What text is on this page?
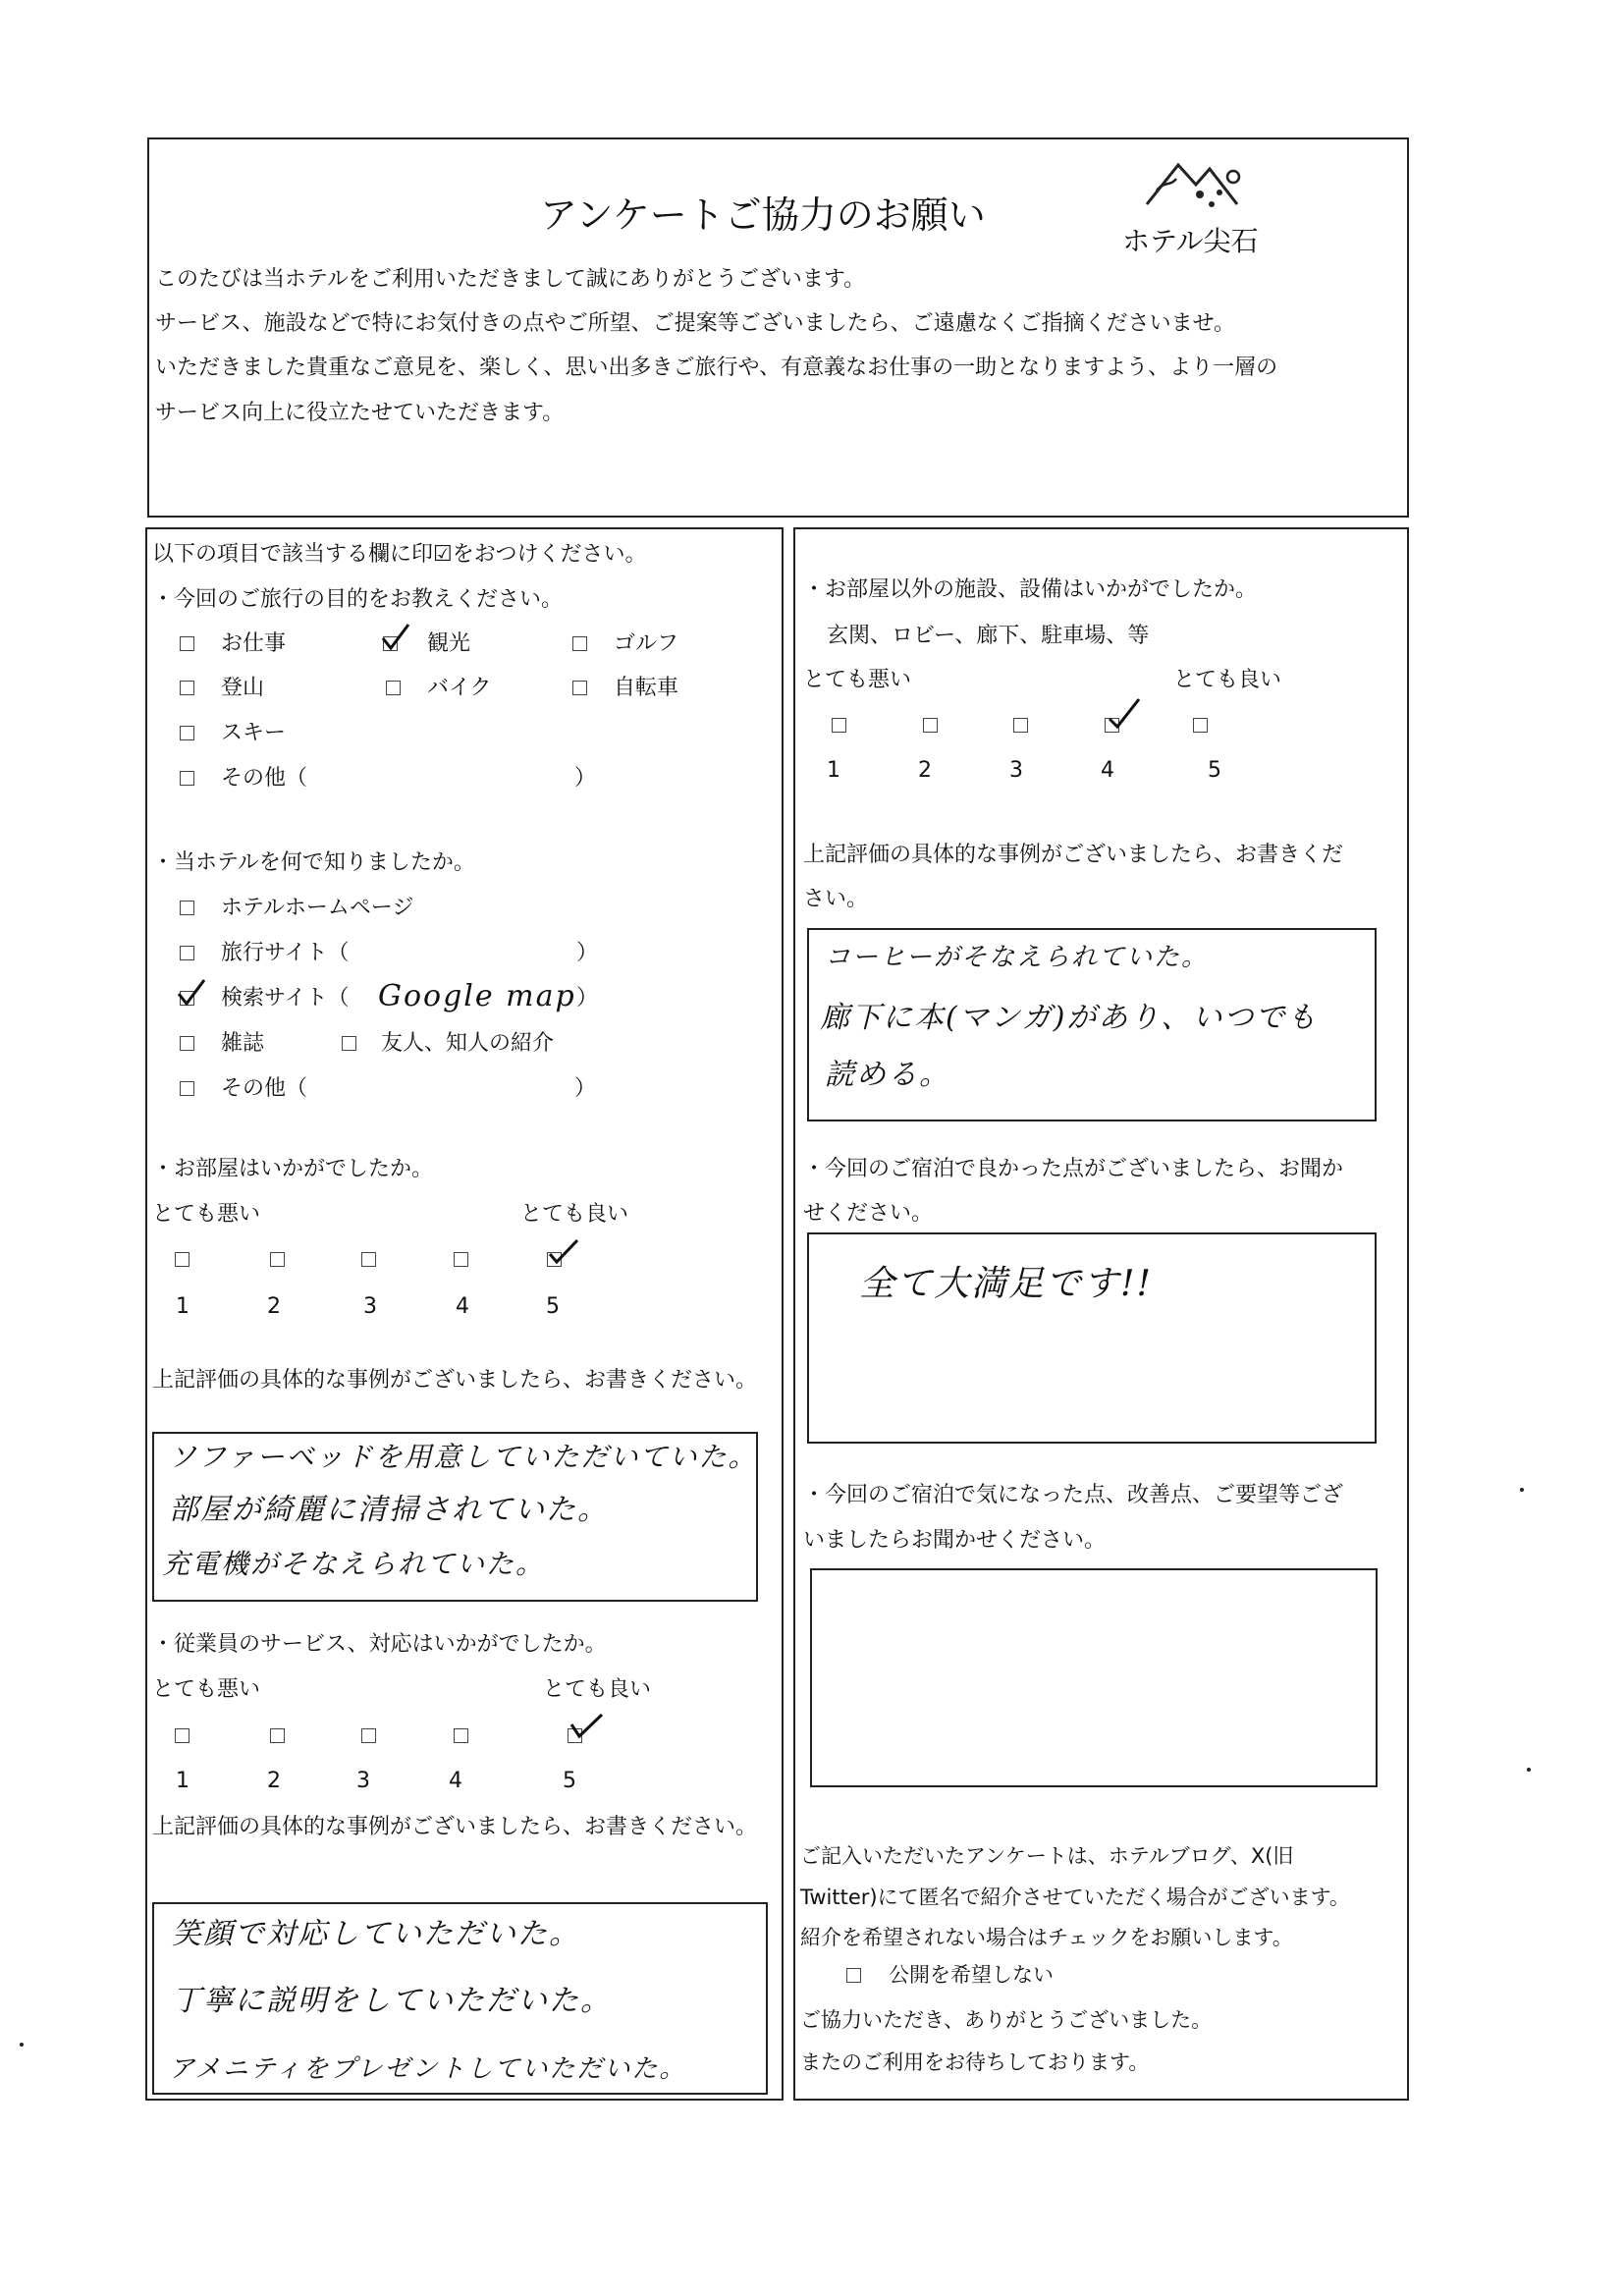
アンケートご協力のお願い
ホテル尖石
このたびは当ホテルをご利用いただきまして誠にありがとうございます。
サービス、施設などで特にお気付きの点やご所望、ご提案等ございましたら、ご遠慮なくご指摘くださいませ。
いただきました貴重なご意見を、楽しく、思い出多きご旅行や、有意義なお仕事の一助となりますよう、より一層の
サービス向上に役立たせていただきます。
以下の項目で該当する欄に印☑をおつけください。
・今回のご旅行の目的をお教えください。
お仕事	観光	ゴルフ
登山	バイク	自転車
スキー
その他（	）
・当ホテルを何で知りましたか。
ホテルホームページ
旅行サイト（	）
検索サイト（ Google map ）
雑誌	友人、知人の紹介
その他（	）
・お部屋はいかがでしたか。
とても悪い	とても良い
1	2	3	4	5
上記評価の具体的な事例がございましたら、お書きください。
ソファーベッドを用意していただいていた。
部屋が綺麗に清掃されていた。
充電機がそなえられていた。
・従業員のサービス、対応はいかがでしたか。
とても悪い	とても良い
1	2	3	4	5
上記評価の具体的な事例がございましたら、お書きください。
笑顔で対応していただいた。
丁寧に説明をしていただいた。
アメニティをプレゼントしていただいた。
・お部屋以外の施設、設備はいかがでしたか。
玄関、ロビー、廊下、駐車場、等
とても悪い	とても良い
1	2	3	4	5
上記評価の具体的な事例がございましたら、お書きくだ
さい。
コーヒーがそなえられていた。
廊下に本(マンガ)があり、いつでも
読める。
・今回のご宿泊で良かった点がございましたら、お聞か
せください。
全て大満足です!!
・今回のご宿泊で気になった点、改善点、ご要望等ござ
いましたらお聞かせください。
ご記入いただいたアンケートは、ホテルブログ、X(旧
Twitter)にて匿名で紹介させていただく場合がございます。
紹介を希望されない場合はチェックをお願いします。
公開を希望しない
ご協力いただき、ありがとうございました。
またのご利用をお待ちしております。
